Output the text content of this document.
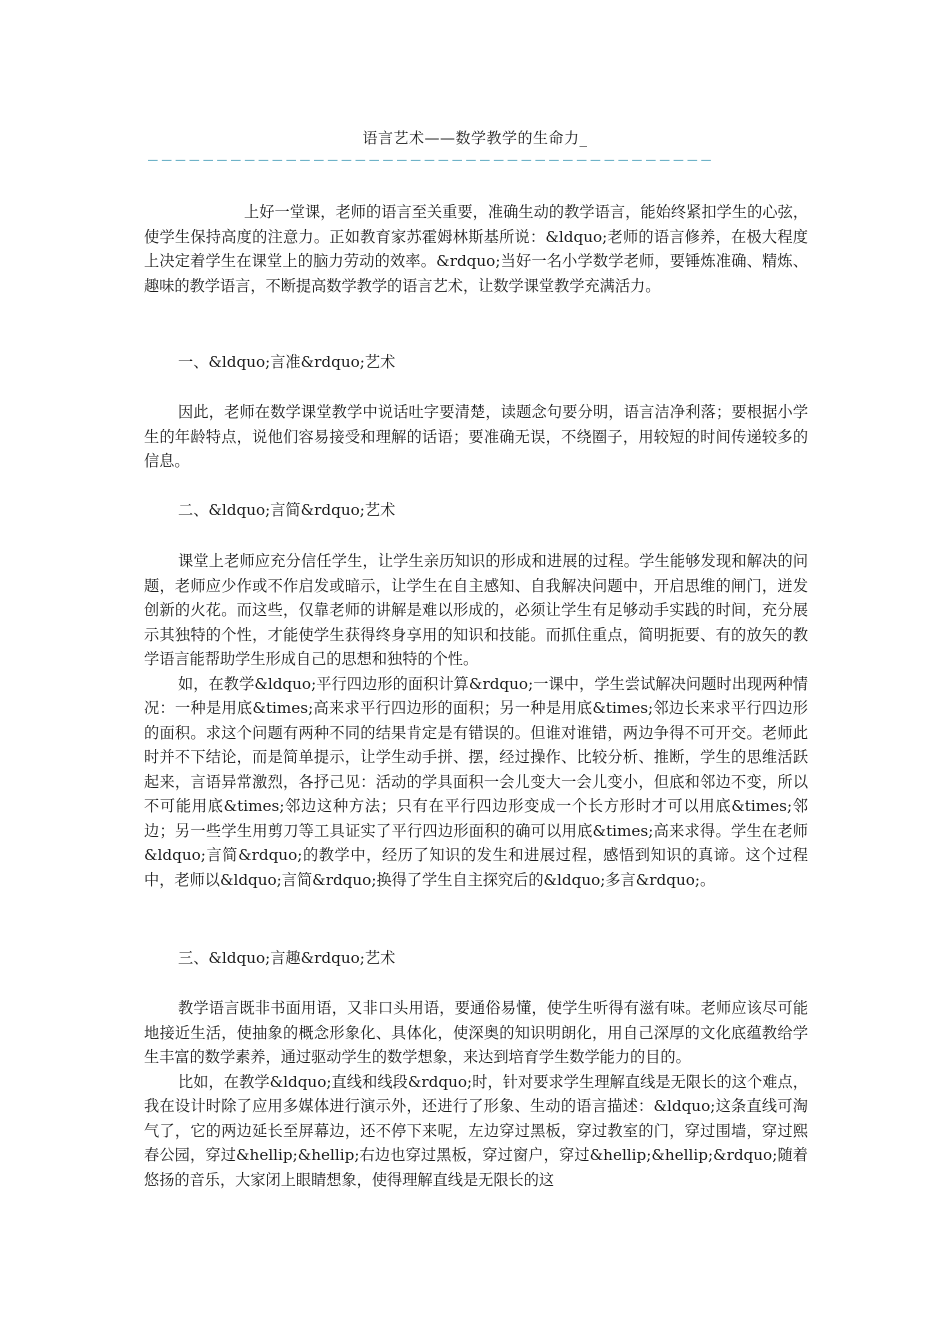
语言艺术——数学教学的生命力_
—————————————————————————————————————————

上好一堂课，老师的语言至关重要，准确生动的教学语言，能始终紧扣学生的心弦，使学生保持高度的注意力。正如教育家苏霍姆林斯基所说：&ldquo;老师的语言修养，在极大程度上决定着学生在课堂上的脑力劳动的效率。&rdquo;当好一名小学数学老师，要锤炼准确、精炼、趣味的教学语言，不断提高数学教学的语言艺术，让数学课堂教学充满活力。

一、&ldquo;言准&rdquo;艺术

因此，老师在数学课堂教学中说话吐字要清楚，读题念句要分明，语言洁净利落；要根据小学生的年龄特点，说他们容易接受和理解的话语；要准确无误，不绕圈子，用较短的时间传递较多的信息。

二、&ldquo;言简&rdquo;艺术

课堂上老师应充分信任学生，让学生亲历知识的形成和进展的过程。学生能够发现和解决的问题，老师应少作或不作启发或暗示，让学生在自主感知、自我解决问题中，开启思维的闸门，迸发创新的火花。而这些，仅靠老师的讲解是难以形成的，必须让学生有足够动手实践的时间，充分展示其独特的个性，才能使学生获得终身享用的知识和技能。而抓住重点，简明扼要、有的放矢的教学语言能帮助学生形成自己的思想和独特的个性。

如，在教学&ldquo;平行四边形的面积计算&rdquo;一课中，学生尝试解决问题时出现两种情况：一种是用底&times;高来求平行四边形的面积；另一种是用底&times;邻边长来求平行四边形的面积。求这个问题有两种不同的结果肯定是有错误的。但谁对谁错，两边争得不可开交。老师此时并不下结论，而是简单提示，让学生动手拼、摆，经过操作、比较分析、推断，学生的思维活跃起来，言语异常激烈，各抒己见：活动的学具面积一会儿变大一会儿变小，但底和邻边不变，所以不可能用底&times;邻边这种方法；只有在平行四边形变成一个长方形时才可以用底&times;邻边；另一些学生用剪刀等工具证实了平行四边形面积的确可以用底&times;高来求得。学生在老师&ldquo;言简&rdquo;的教学中，经历了知识的发生和进展过程，感悟到知识的真谛。这个过程中，老师以&ldquo;言简&rdquo;换得了学生自主探究后的&ldquo;多言&rdquo;。

三、&ldquo;言趣&rdquo;艺术

教学语言既非书面用语，又非口头用语，要通俗易懂，使学生听得有滋有味。老师应该尽可能地接近生活，使抽象的概念形象化、具体化，使深奥的知识明朗化，用自己深厚的文化底蕴教给学生丰富的数学素养，通过驱动学生的数学想象，来达到培育学生数学能力的目的。

比如，在教学&ldquo;直线和线段&rdquo;时，针对要求学生理解直线是无限长的这个难点，我在设计时除了应用多媒体进行演示外，还进行了形象、生动的语言描述：&ldquo;这条直线可淘气了，它的两边延长至屏幕边，还不停下来呢，左边穿过黑板，穿过教室的门，穿过围墙，穿过熙春公园，穿过&hellip;&hellip;右边也穿过黑板，穿过窗户，穿过&hellip;&hellip;&rdquo;随着悠扬的音乐，大家闭上眼睛想象，使得理解直线是无限长的这
